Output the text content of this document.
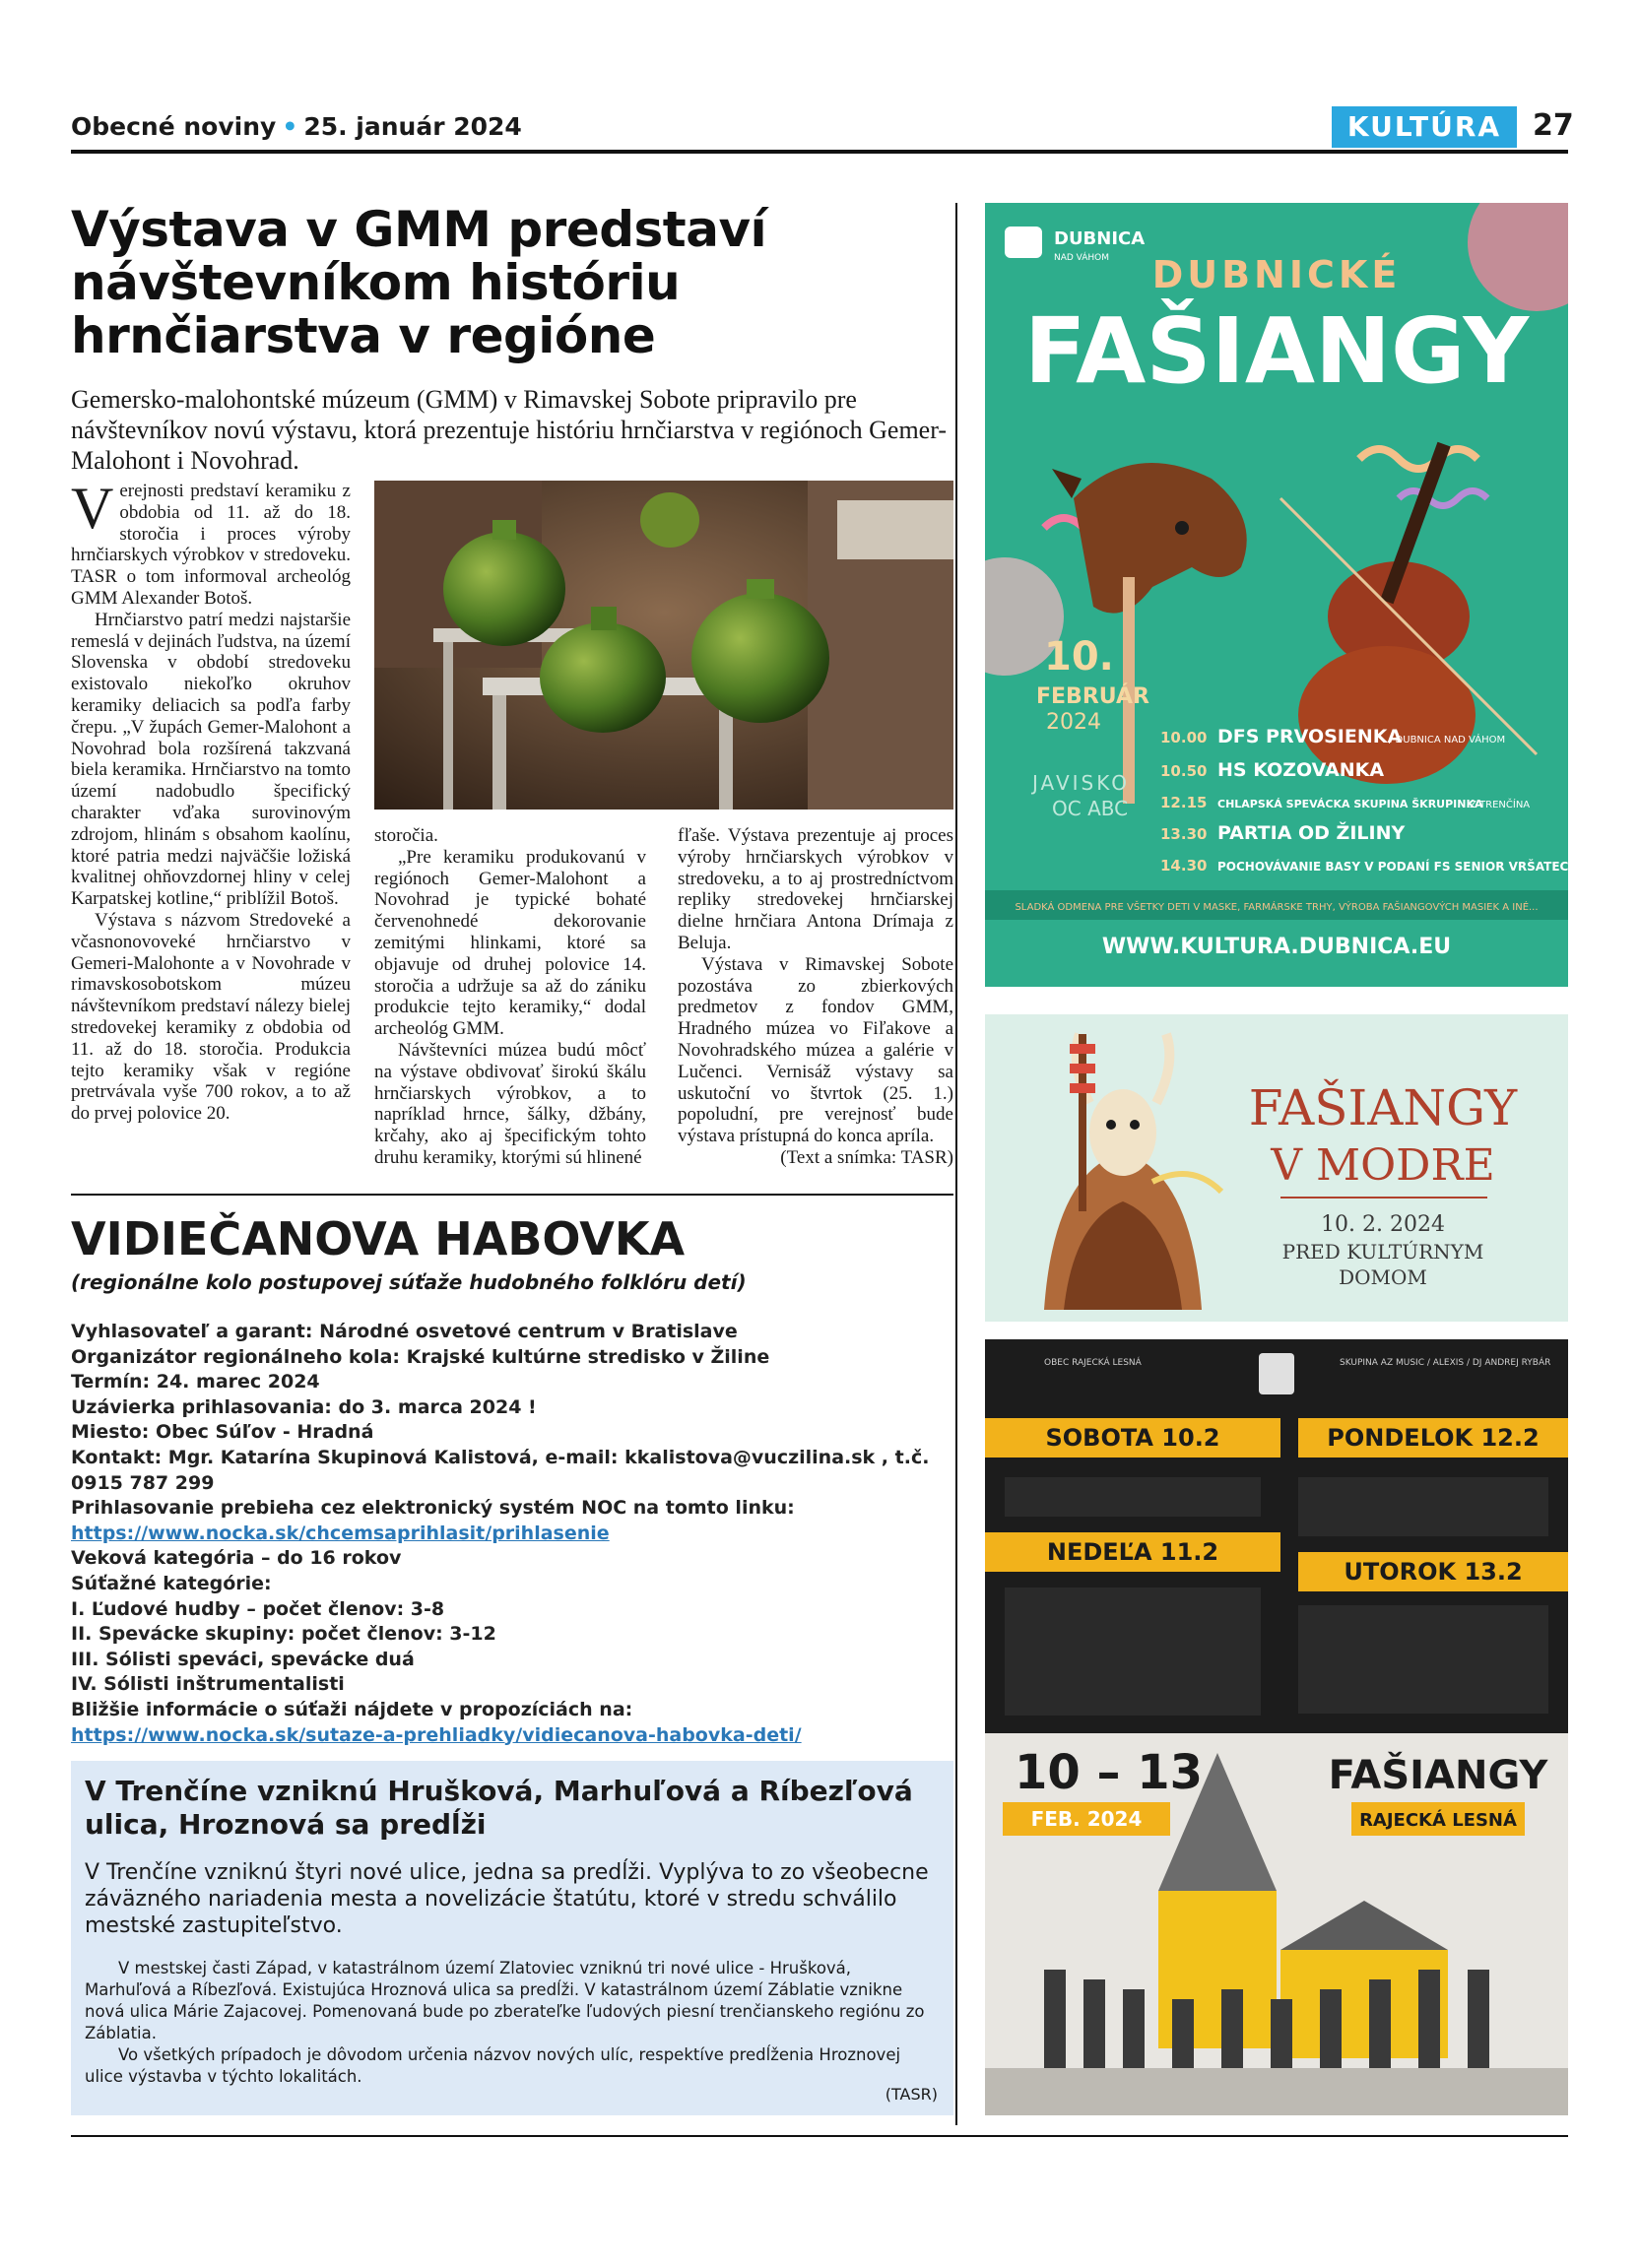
Obecné noviny • 25. január 2024	KULTÚRA	27
Výstava v GMM predstaví návštevníkom históriu hrnčiarstva v regióne
Gemersko-malohontské múzeum (GMM) v Rimavskej Sobote pripravilo pre návštevníkov novú výstavu, ktorá prezentuje históriu hrnčiarstva v regiónoch Gemer-Malohont i Novohrad.

Verejnosti predstaví keramiku z obdobia od 11. až do 18. storočia i proces výroby hrnčiarskych výrobkov v stredoveku. TASR o tom informoval archeológ GMM Alexander Botoš.

Hrnčiarstvo patrí medzi najstaršie remeslá v dejinách ľudstva, na území Slovenska v období stredoveku existovalo niekoľko okruhov keramiky deliacich sa podľa farby črepu. „V župách Gemer-Malohont a Novohrad bola rozšírená takzvaná biela keramika. Hrnčiarstvo na tomto území nadobudlo špecifický charakter vďaka surovinovým zdrojom, hlinám s obsahom kaolínu, ktoré patria medzi najväčšie ložiská kvalitnej ohňovzdornej hliny v celej Karpatskej kotline,“ priblížil Botoš.

Výstava s názvom Stredoveké a včasnonovoveké hrnčiarstvo v Gemeri-Malohonte a v Novohrade v rimavskosobotskom múzeu návštevníkom predstaví nálezy bielej stredovekej keramiky z obdobia od 11. až do 18. storočia. Produkcia tejto keramiky však v regióne pretrvávala vyše 700 rokov, a to až do prvej polovice 20.

storočia.

„Pre keramiku produkovanú v regiónoch Gemer-Malohont a Novohrad je typické bohaté červenohnedé dekorovanie zemitými hlinkami, ktoré sa objavuje od druhej polovice 14. storočia a udržuje sa až do zániku produkcie tejto keramiky,“ dodal archeológ GMM.

Návštevníci múzea budú môcť na výstave obdivovať širokú škálu hrnčiarskych výrobkov, a to napríklad hrnce, šálky, džbány, krčahy, ako aj špecifickým tohto druhu keramiky, ktorými sú hlinené

fľaše. Výstava prezentuje aj proces výroby hrnčiarskych výrobkov v stredoveku, a to aj prostredníctvom repliky stredovekej hrnčiarskej dielne hrnčiara Antona Drímaja z Beluja.

Výstava v Rimavskej Sobote pozostáva zo zbierkových predmetov z fondov GMM, Hradného múzea vo Fiľakove a Novohradského múzea a galérie v Lučenci. Vernisáž výstavy sa uskutoční vo štvrtok (25. 1.) popoludní, pre verejnosť bude výstava prístupná do konca apríla.

(Text a snímka: TASR)

VIDIEČANOVA HABOVKA
(regionálne kolo postupovej súťaže hudobného folklóru detí)
Vyhlasovateľ a garant: Národné osvetové centrum v Bratislave
Organizátor regionálneho kola: Krajské kultúrne stredisko v Žiline
Termín: 24. marec 2024
Uzávierka prihlasovania: do 3. marca 2024 !
Miesto: Obec Súľov - Hradná
Kontakt: Mgr. Katarína Skupinová Kalistová, e-mail: kkalistova@vuczilina.sk , t.č. 0915 787 299
Prihlasovanie prebieha cez elektronický systém NOC na tomto linku:
https://www.nocka.sk/chcemsaprihlasit/prihlasenie
Veková kategória – do 16 rokov
Súťažné kategórie:
I. Ľudové hudby – počet členov: 3-8
II. Spevácke skupiny: počet členov: 3-12
III. Sólisti speváci, spevácke duá
IV. Sólisti inštrumentalisti
Bližšie informácie o súťaži nájdete v propozíciách na:
https://www.nocka.sk/sutaze-a-prehliadky/vidiecanova-habovka-deti/
V Trenčíne vzniknú Hrušková, Marhuľová a Ríbezľová ulica, Hroznová sa predĺži
V Trenčíne vzniknú štyri nové ulice, jedna sa predĺži. Vyplýva to zo všeobecne záväzného nariadenia mesta a novelizácie štatútu, ktoré v stredu schválilo mestské zastupiteľstvo.

V mestskej časti Západ, v katastrálnom území Zlatoviec vzniknú tri nové ulice - Hrušková, Marhuľová a Ríbezľová. Existujúca Hroznová ulica sa predĺži. V katastrálnom území Záblatie vznikne nová ulica Márie Zajacovej. Pomenovaná bude po zberateľke ľudových piesní trenčianskeho regiónu zo Záblatia.

Vo všetkých prípadoch je dôvodom určenia názvov nových ulíc, respektíve predĺženia Hroznovej ulice výstavba v týchto lokalitách.

(TASR)
DUBNICA
NAD VÁHOM DUBNICKÉ
FAŠIANGY
10.
FEBRUÁR
2024
JAVISKO
OC ABC
10.00 DFS PRVOSIENKA
/ DUBNICA NAD VÁHOM
10.50 HS KOZOVANKA
12.15 CHLAPSKÁ SPEVÁCKA SKUPINA ŠKRUPINKA
Z TRENČÍNA
13.30 PARTIA OD ŽILINY
14.30 POCHOVÁVANIE BASY V PODANÍ FS SENIOR VRŠATEC
SLADKÁ ODMENA PRE VŠETKY DETI V MASKE, FARMÁRSKE TRHY, VÝROBA FAŠIANGOVÝCH MASIEK A INÉ...
WWW.KULTURA.DUBNICA.EU
FAŠIANGY
V MODRE
10. 2. 2024
PRED KULTÚRNYM
DOMOM
OBEC RAJECKÁ LESNÁ	SKUPINA AZ MUSIC / ALEXIS / DJ ANDREJ RYBÁR
SOBOTA 10.2	PONDELOK 12.2
NEDEĽA 11.2
UTOROK 13.2
10 – 13
FEB. 2024
FAŠIANGY
RAJECKÁ LESNÁ
